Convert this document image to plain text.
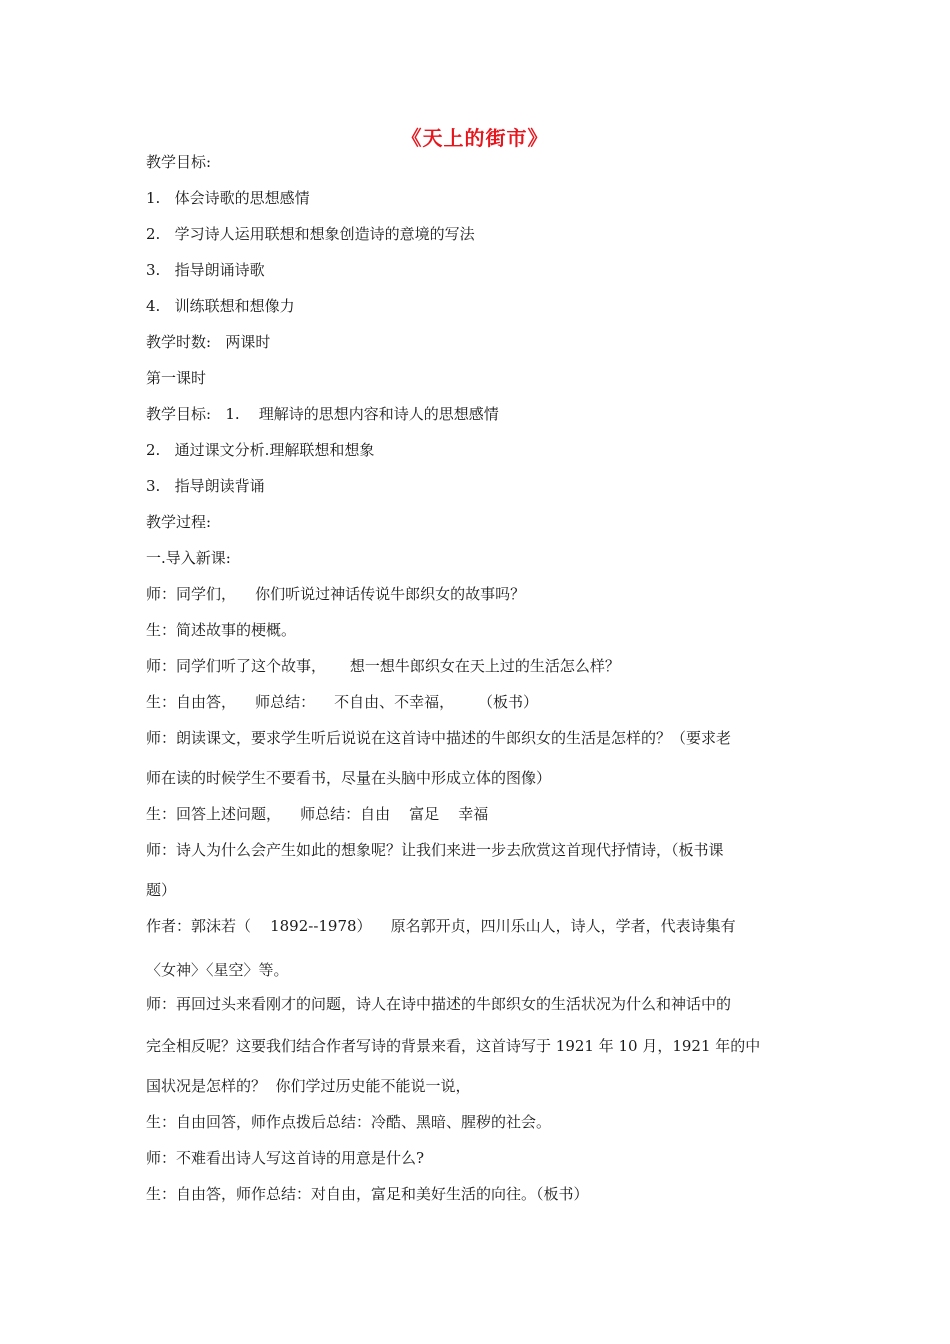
《天上的街市》
教学目标:
1.   体会诗歌的思想感情
2.   学习诗人运用联想和想象创造诗的意境的写法
3.   指导朗诵诗歌
4.   训练联想和想像力
教学时数:   两课时
第一课时
教学目标:   1.    理解诗的思想内容和诗人的思想感情
2.   通过课文分析.理解联想和想象
3.   指导朗读背诵
教学过程:
一.导入新课:
师：同学们，    你们听说过神话传说牛郎织女的故事吗？
生：简述故事的梗概。
师：同学们听了这个故事，     想一想牛郎织女在天上过的生活怎么样？
生：自由答，    师总结：    不自由、不幸福，     （板书）
师：朗读课文，要求学生听后说说在这首诗中描述的牛郎织女的生活是怎样的？（要求老
师在读的时候学生不要看书，尽量在头脑中形成立体的图像）
生：回答上述问题，    师总结：自由    富足    幸福
师：诗人为什么会产生如此的想象呢？让我们来进一步去欣赏这首现代抒情诗，（板书课
题）
作者：郭沫若（    1892--1978）    原名郭开贞，四川乐山人，诗人，学者，代表诗集有
〈女神〉〈星空〉等。
师：再回过头来看刚才的问题，诗人在诗中描述的牛郎织女的生活状况为什么和神话中的
完全相反呢？这要我们结合作者写诗的背景来看，这首诗写于 1921 年 10 月，1921 年的中
国状况是怎样的？  你们学过历史能不能说一说，
生：自由回答，师作点拨后总结：冷酷、黑暗、腥秽的社会。
师：不难看出诗人写这首诗的用意是什么?
生：自由答，师作总结：对自由，富足和美好生活的向往。（板书）
